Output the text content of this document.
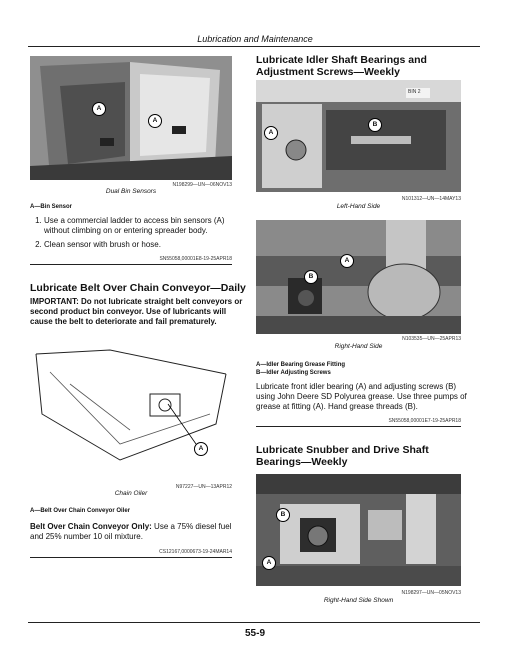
Lubrication and Maintenance
A
A
N198299—UN—06NOV13
Dual Bin Sensors
A—Bin Sensor
1. Use a commercial ladder to access bin sensors (A) without climbing on or entering spreader body.
2. Clean sensor with brush or hose.
SN55058,00001E8-19-25APR18
Lubricate Belt Over Chain Conveyor—Daily
IMPORTANT: Do not lubricate straight belt conveyors or second product bin conveyor. Use of lubricants will cause the belt to deteriorate and fail prematurely.
A
N97227—UN—13APR12
Chain Oiler
A—Belt Over Chain Conveyor Oiler
Belt Over Chain Conveyor Only: Use a 75% diesel fuel and 25% number 10 oil mixture.
CS12167,0000673-19-24MAR14
Lubricate Idler Shaft Bearings and Adjustment Screws—Weekly
BIN 2
A
B
N101312—UN—14MAY13
Left-Hand Side
A
B
N103535—UN—25APR13
Right-Hand Side
A—Idler Bearing Grease Fitting
B—Idler Adjusting Screws
Lubricate front idler bearing (A) and adjusting screws (B) using John Deere SD Polyurea grease. Use three pumps of grease at fitting (A). Hand grease threads (B).
SN55058,00001E7-19-25APR18
Lubricate Snubber and Drive Shaft Bearings—Weekly
B
A
N198297—UN—05NOV13
Right-Hand Side Shown
55-9
